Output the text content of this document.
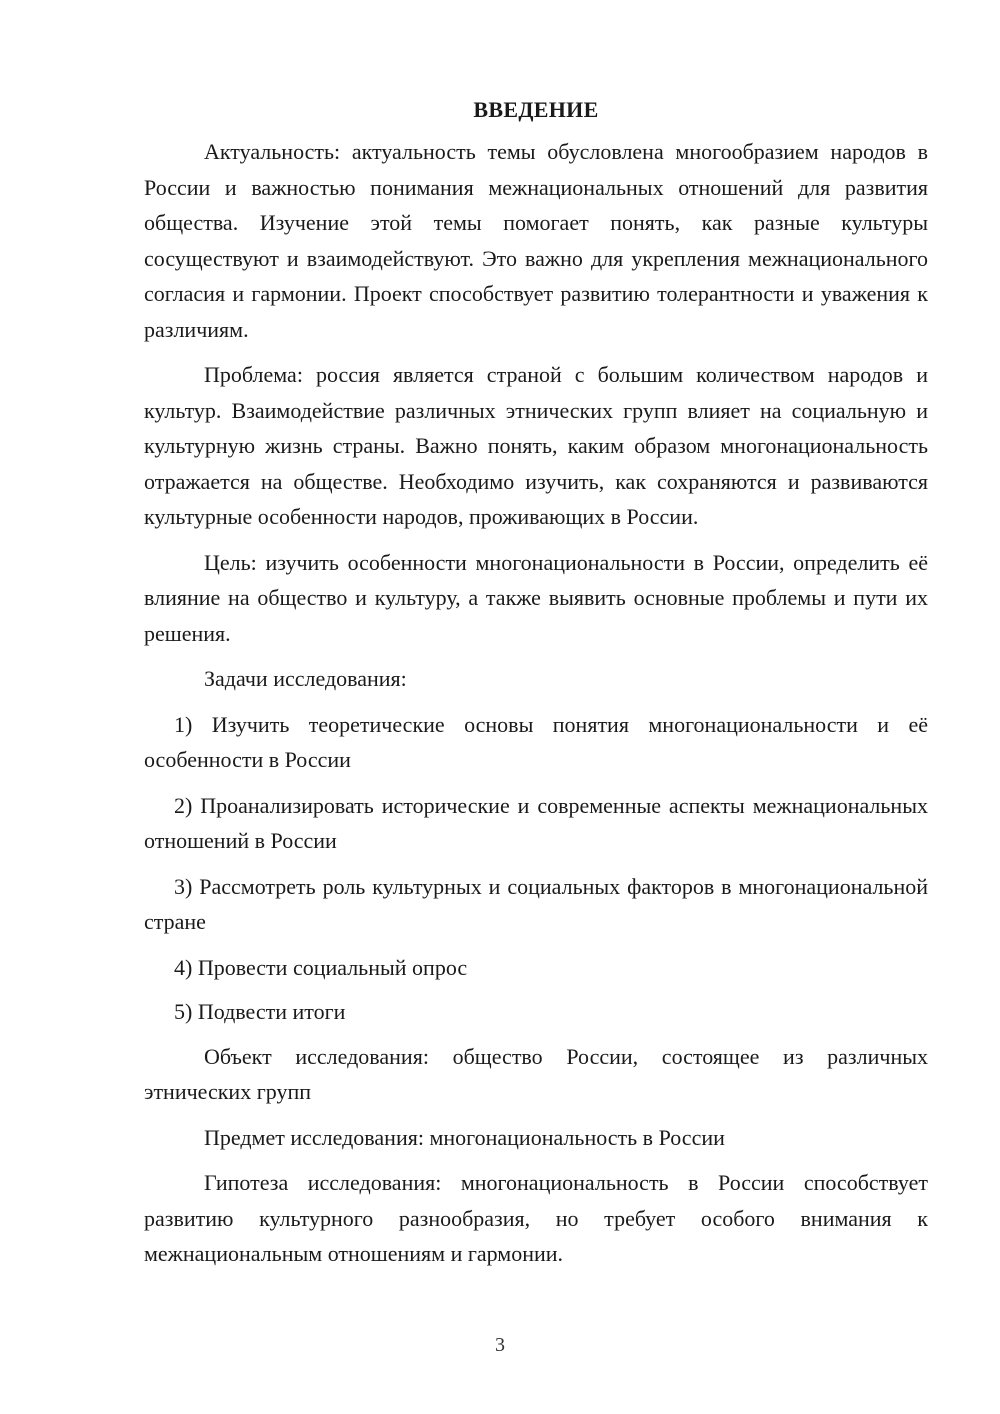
ВВЕДЕНИЕ

Актуальность: актуальность темы обусловлена многообразием народов в России и важностью понимания межнациональных отношений для развития общества. Изучение этой темы помогает понять, как разные культуры сосуществуют и взаимодействуют. Это важно для укрепления межнационального согласия и гармонии. Проект способствует развитию толерантности и уважения к различиям.

Проблема: россия является страной с большим количеством народов и культур. Взаимодействие различных этнических групп влияет на социальную и культурную жизнь страны. Важно понять, каким образом многонациональность отражается на обществе. Необходимо изучить, как сохраняются и развиваются культурные особенности народов, проживающих в России.

Цель: изучить особенности многонациональности в России, определить её влияние на общество и культуру, а также выявить основные проблемы и пути их решения.

Задачи исследования:

1) Изучить теоретические основы понятия многонациональности и её особенности в России

2) Проанализировать исторические и современные аспекты межнациональных отношений в России

3) Рассмотреть роль культурных и социальных факторов в многонациональной стране

4) Провести социальный опрос

5) Подвести итоги

Объект исследования: общество России, состоящее из различных этнических групп

Предмет исследования: многонациональность в России

Гипотеза исследования: многонациональность в России способствует развитию культурного разнообразия, но требует особого внимания к межнациональным отношениям и гармонии.

3
